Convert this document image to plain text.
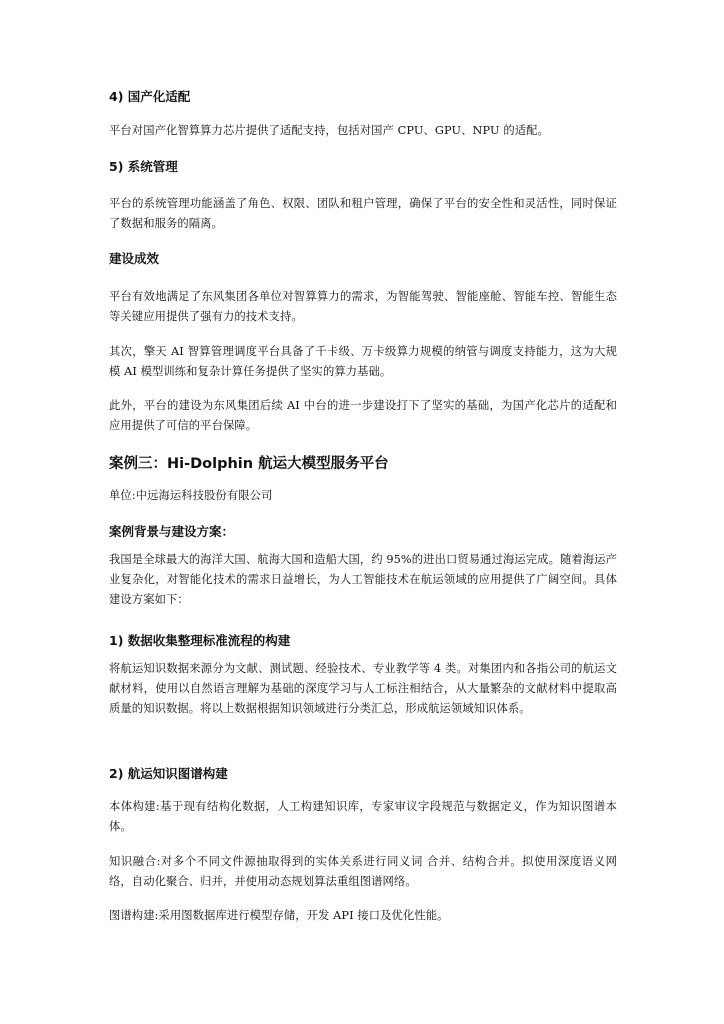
4) 国产化适配

平台对国产化智算算力芯片提供了适配支持，包括对国产 CPU、GPU、NPU 的适配。

5) 系统管理

平台的系统管理功能涵盖了角色、权限、团队和租户管理，确保了平台的安全性和灵活性，同时保证了数据和服务的隔离。

建设成效

平台有效地满足了东风集团各单位对智算算力的需求，为智能驾驶、智能座舱、智能车控、智能生态 等关键应用提供了强有力的技术支持。

其次，擎天 AI 智算管理调度平台具备了千卡级、万卡级算力规模的纳管与调度支持能力，这为大规模 AI 模型训练和复杂计算任务提供了坚实的算力基础。

此外，平台的建设为东风集团后续 AI 中台的进一步建设打下了坚实的基础，为国产化芯片的适配和应用提供了可信的平台保障。

案例三：Hi-Dolphin 航运大模型服务平台

单位:中远海运科技股份有限公司

案例背景与建设方案：

我国是全球最大的海洋大国、航海大国和造船大国，约 95%的进出口贸易通过海运完成。随着海运产业复杂化，对智能化技术的需求日益增长，为人工智能技术在航运领域的应用提供了广阔空间。具体建设方案如下：

1) 数据收集整理标准流程的构建

将航运知识数据来源分为文献、测试题、经验技术、专业教学等 4 类。对集团内和各指公司的航运文献材料，使用以自然语言理解为基础的深度学习与人工标注相结合，从大量繁杂的文献材料中提取高质量的知识数据。将以上数据根据知识领域进行分类汇总，形成航运领域知识体系。

2) 航运知识图谱构建

本体构建:基于现有结构化数据，人工构建知识库，专家审议字段规范与数据定义，作为知识图谱本体。

知识融合:对多个不同文件源抽取得到的实体关系进行同义词 合并、结构合并。拟使用深度语义网络，自动化聚合、归并，并使用动态规划算法重组图谱网络。

图谱构建:采用图数据库进行模型存储，开发 API 接口及优化性能。
